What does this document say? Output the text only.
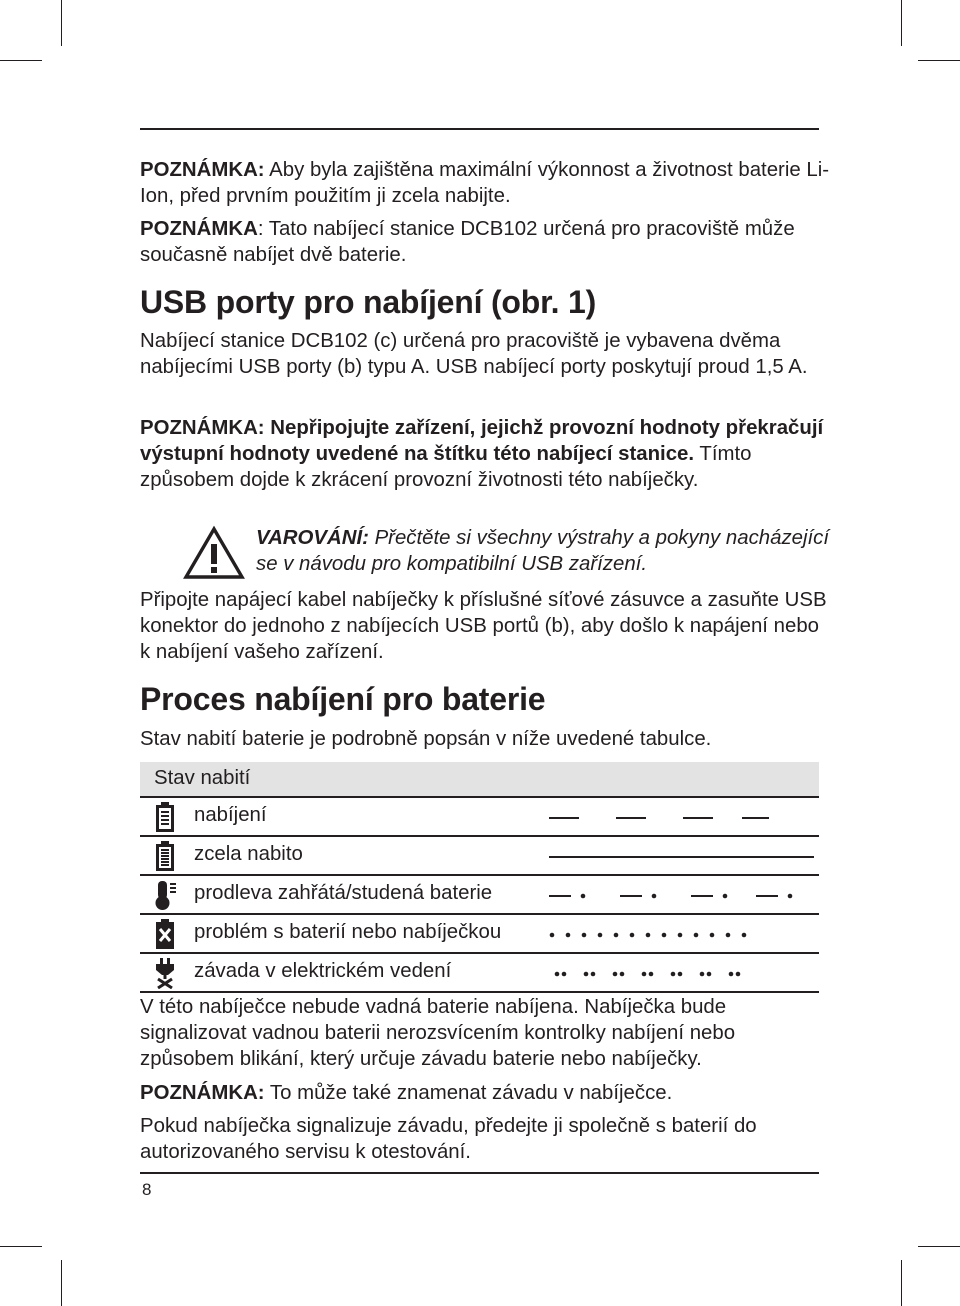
POZNÁMKA: Aby byla zajištěna maximální výkonnost a životnost baterie Li-Ion, před prvním použitím ji zcela nabijte.

POZNÁMKA: Tato nabíjecí stanice DCB102 určená pro pracoviště může současně nabíjet dvě baterie.

USB porty pro nabíjení (obr. 1)

Nabíjecí stanice DCB102 (c) určená pro pracoviště je vybavena dvěma nabíjecími USB porty (b) typu A. USB nabíjecí porty poskytují proud 1,5 A.

POZNÁMKA: Nepřipojujte zařízení, jejichž provozní hodnoty překračují výstupní hodnoty uvedené na štítku této nabíjecí stanice. Tímto způsobem dojde k zkrácení provozní životnosti této nabíječky.

VAROVÁNÍ: Přečtěte si všechny výstrahy a pokyny nacházející se v návodu pro kompatibilní USB zařízení.

Připojte napájecí kabel nabíječky k příslušné síťové zásuvce a zasuňte USB konektor do jednoho z nabíjecích USB portů (b), aby došlo k napájení nebo k nabíjení vašeho zařízení.

Proces nabíjení pro baterie

Stav nabití baterie je podrobně popsán v níže uvedené tabulce.

Stav nabití
nabíjení
zcela nabito
prodleva zahřátá/studená baterie
problém s baterií nebo nabíječkou
závada v elektrickém vedení

V této nabíječce nebude vadná baterie nabíjena. Nabíječka bude signalizovat vadnou baterii nerozsvícením kontrolky nabíjení nebo způsobem blikání, který určuje závadu baterie nebo nabíječky.

POZNÁMKA: To může také znamenat závadu v nabíječce.

Pokud nabíječka signalizuje závadu, předejte ji společně s baterií do autorizovaného servisu k otestování.

8
